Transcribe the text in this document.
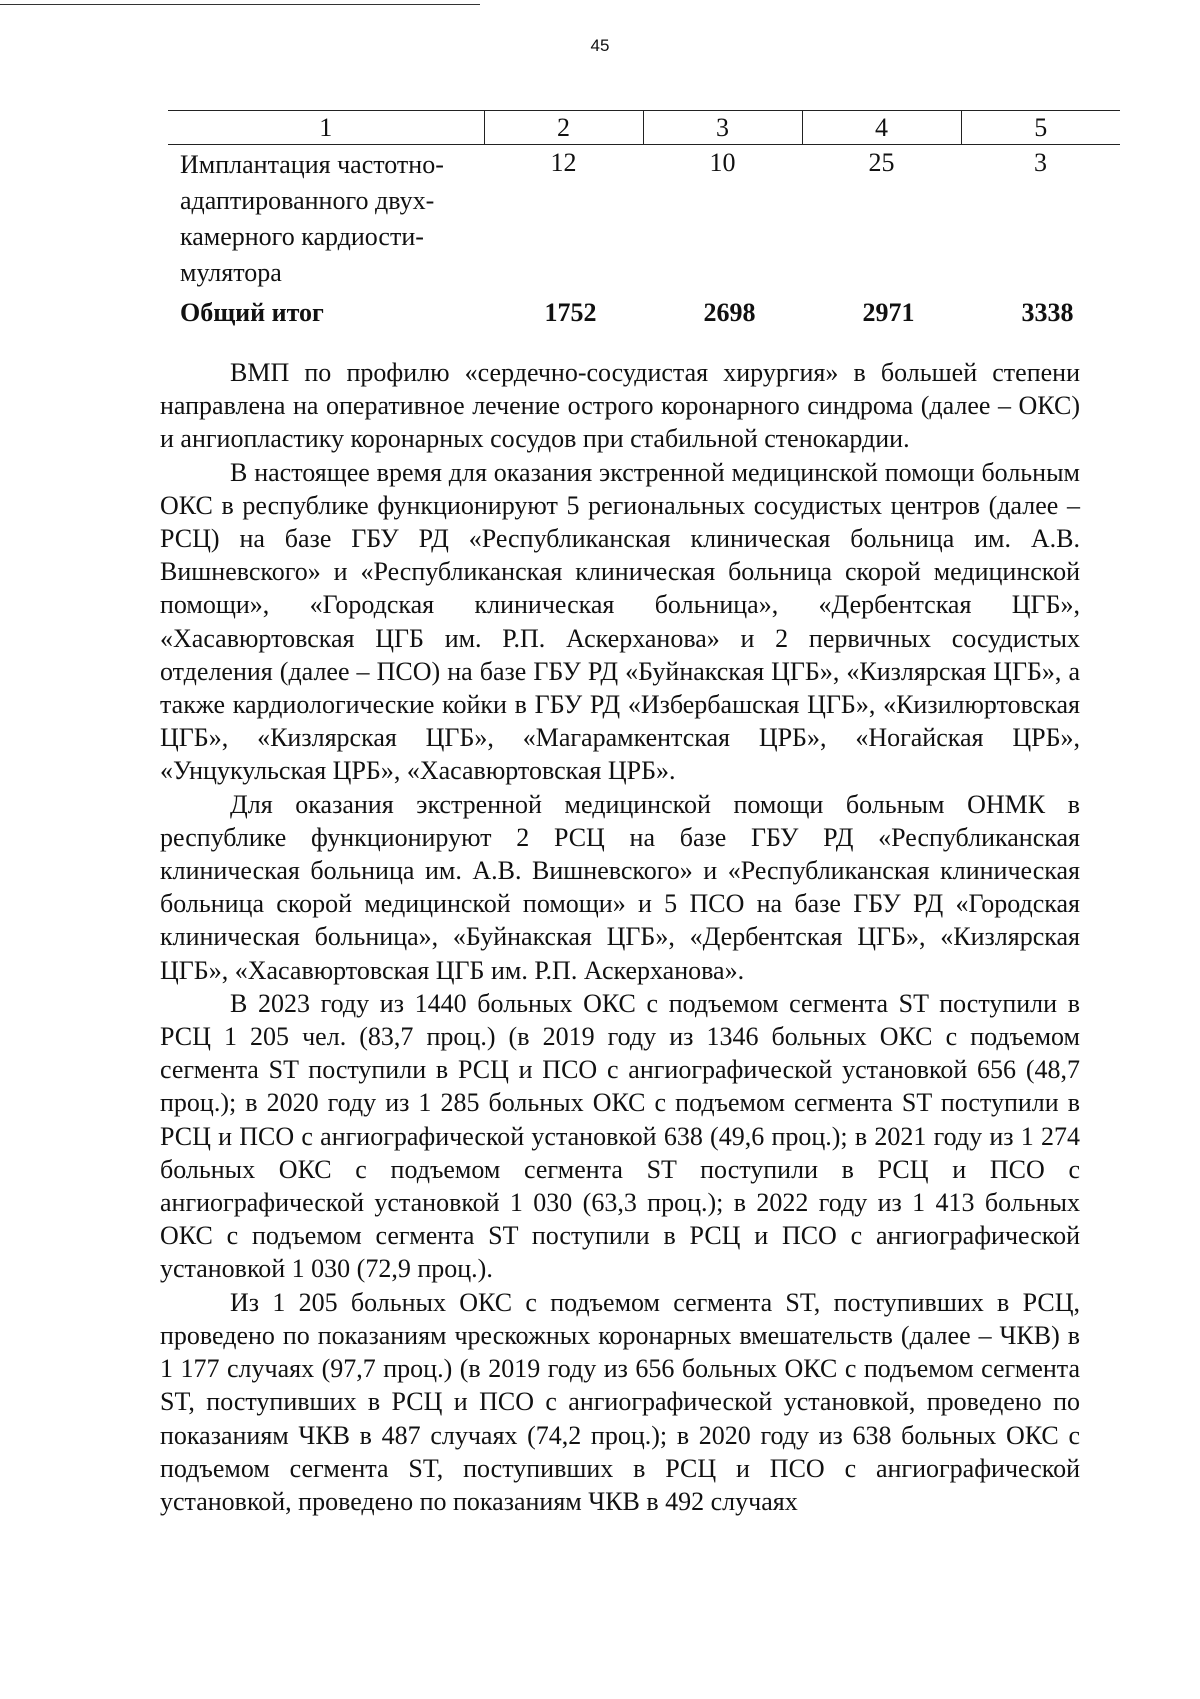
45
1	2	3	4	5
Имплантация частотно-адаптированного двух-камерного кардиости-мулятора	12	10	25	3
Общий итог	1752	2698	2971	3338

ВМП по профилю «сердечно-сосудистая хирургия» в большей степени направлена на оперативное лечение острого коронарного синдрома (далее – ОКС) и ангиопластику коронарных сосудов при стабильной стенокардии.

В настоящее время для оказания экстренной медицинской помощи больным ОКС в республике функционируют 5 региональных сосудистых центров (далее – РСЦ) на базе ГБУ РД «Республиканская клиническая больница им. А.В. Вишневского» и «Республиканская клиническая больница скорой медицинской помощи», «Городская клиническая больница», «Дербентская ЦГБ», «Хасавюртовская ЦГБ им. Р.П. Аскерханова» и 2 первичных сосудистых отделения (далее – ПСО) на базе ГБУ РД «Буйнакская ЦГБ», «Кизлярская ЦГБ», а также кардиологические койки в ГБУ РД «Избербашская ЦГБ», «Кизилюртовская ЦГБ», «Кизлярская ЦГБ», «Магарамкентская ЦРБ», «Ногайская ЦРБ», «Унцукульская ЦРБ», «Хасавюртовская ЦРБ».

Для оказания экстренной медицинской помощи больным ОНМК в республике функционируют 2 РСЦ на базе ГБУ РД «Республиканская клиническая больница им. А.В. Вишневского» и «Республиканская клиническая больница скорой медицинской помощи» и 5 ПСО на базе ГБУ РД «Городская клиническая больница», «Буйнакская ЦГБ», «Дербентская ЦГБ», «Кизлярская ЦГБ», «Хасавюртовская ЦГБ им. Р.П. Аскерханова».

В 2023 году из 1440 больных ОКС с подъемом сегмента ST поступили в РСЦ 1 205 чел. (83,7 проц.) (в 2019 году из 1346 больных ОКС с подъемом сегмента ST поступили в РСЦ и ПСО с ангиографической установкой 656 (48,7 проц.); в 2020 году из 1 285 больных ОКС с подъемом сегмента ST поступили в РСЦ и ПСО с ангиографической установкой 638 (49,6 проц.); в 2021 году из 1 274 больных ОКС с подъемом сегмента ST поступили в РСЦ и ПСО с ангиографической установкой 1 030 (63,3 проц.); в 2022 году из 1 413 больных ОКС с подъемом сегмента ST поступили в РСЦ и ПСО с ангиографической установкой 1 030 (72,9 проц.).

Из 1 205 больных ОКС с подъемом сегмента ST, поступивших в РСЦ, проведено по показаниям чрескожных коронарных вмешательств (далее – ЧКВ) в 1 177 случаях (97,7 проц.) (в 2019 году из 656 больных ОКС с подъемом сегмента ST, поступивших в РСЦ и ПСО с ангиографической установкой, проведено по показаниям ЧКВ в 487 случаях (74,2 проц.); в 2020 году из 638 больных ОКС с подъемом сегмента ST, поступивших в РСЦ и ПСО с ангиографической установкой, проведено по показаниям ЧКВ в 492 случаях
